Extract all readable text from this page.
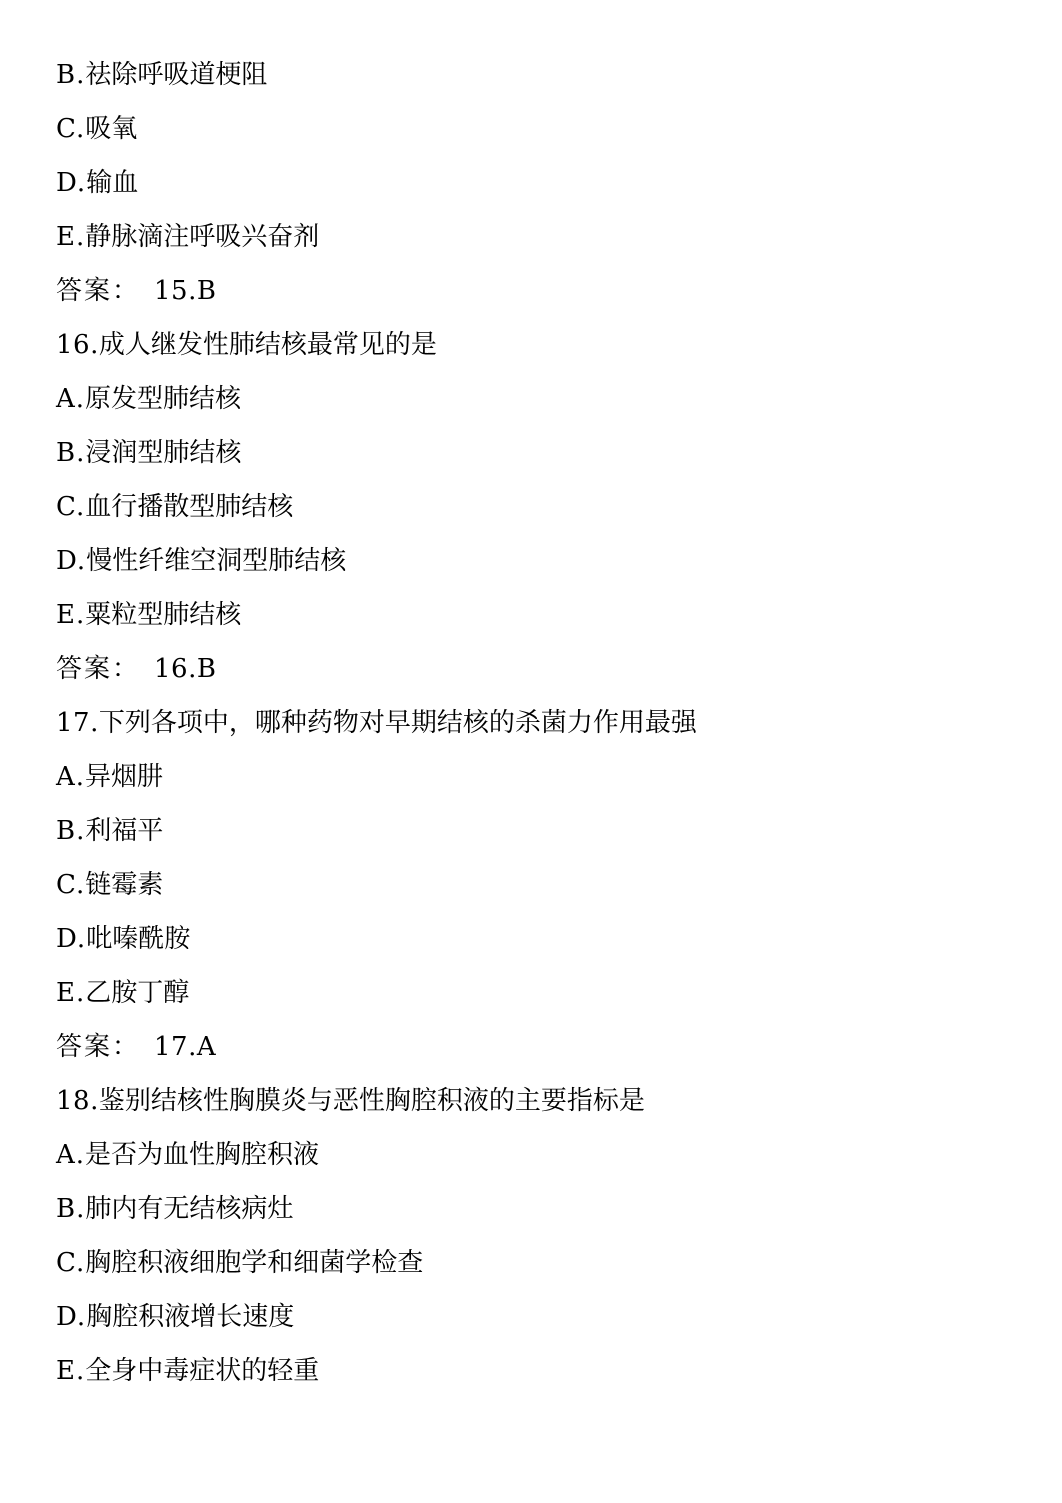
B.祛除呼吸道梗阻
C.吸氧
D.输血
E.静脉滴注呼吸兴奋剂
答案： 15.B
16.成人继发性肺结核最常见的是
A.原发型肺结核
B.浸润型肺结核
C.血行播散型肺结核
D.慢性纤维空洞型肺结核
E.粟粒型肺结核
答案： 16.B
17.下列各项中，哪种药物对早期结核的杀菌力作用最强
A.异烟肼
B.利福平
C.链霉素
D.吡嗪酰胺
E.乙胺丁醇
答案： 17.A
18.鉴别结核性胸膜炎与恶性胸腔积液的主要指标是
A.是否为血性胸腔积液
B.肺内有无结核病灶
C.胸腔积液细胞学和细菌学检查
D.胸腔积液增长速度
E.全身中毒症状的轻重
